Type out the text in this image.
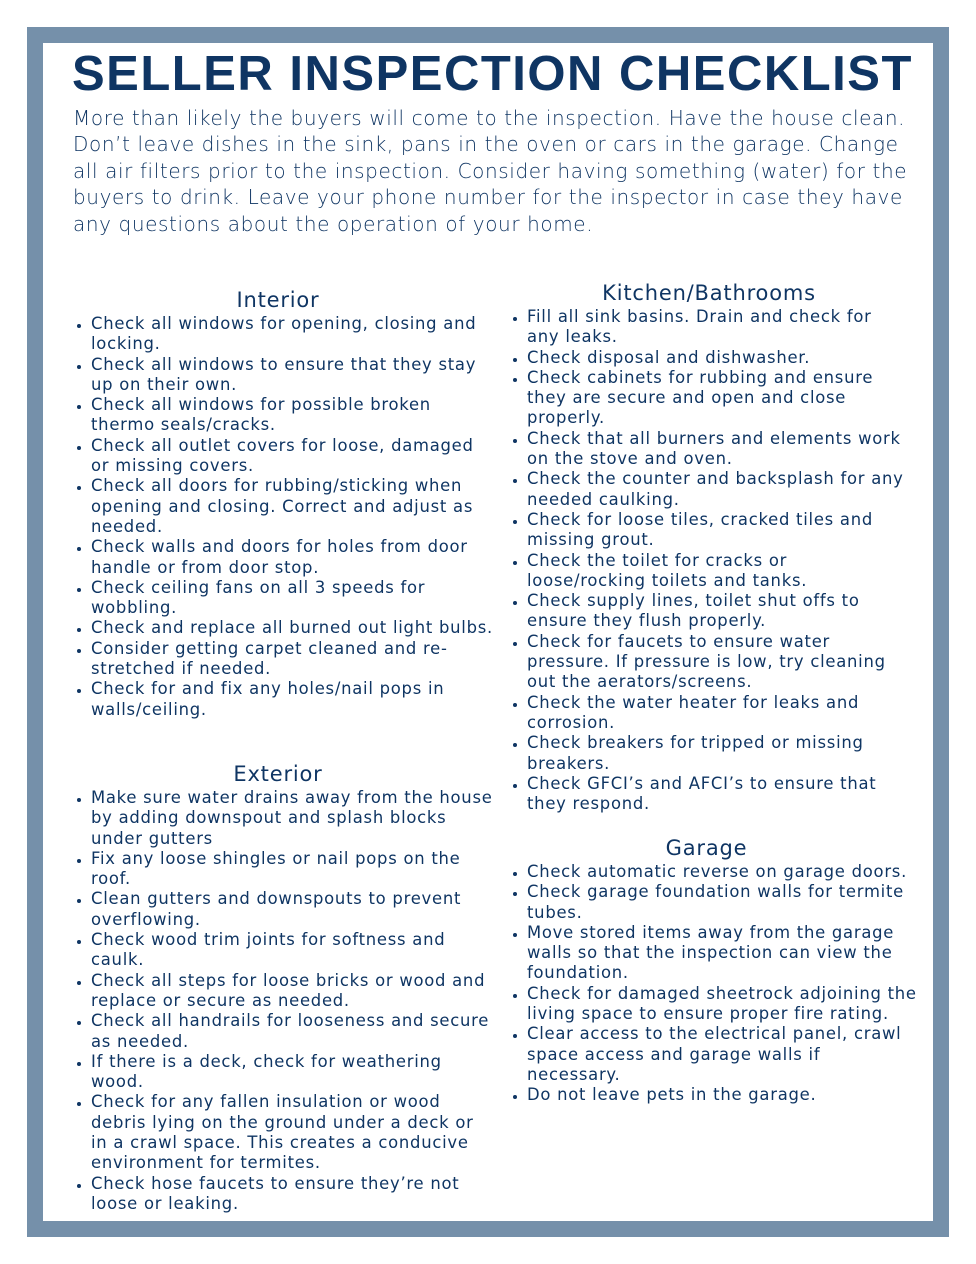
SELLER INSPECTION CHECKLIST
More than likely the buyers will come to the inspection. Have the house clean. Don’t leave dishes in the sink, pans in the oven or cars in the garage. Change all air filters prior to the inspection. Consider having something (water) for the buyers to drink. Leave your phone number for the inspector in case they have any questions about the operation of your home.
Interior
• Check all windows for opening, closing and locking.
• Check all windows to ensure that they stay up on their own.
• Check all windows for possible broken thermo seals/cracks.
• Check all outlet covers for loose, damaged or missing covers.
• Check all doors for rubbing/sticking when opening and closing. Correct and adjust as needed.
• Check walls and doors for holes from door handle or from door stop.
• Check ceiling fans on all 3 speeds for wobbling.
• Check and replace all burned out light bulbs.
• Consider getting carpet cleaned and re-stretched if needed.
• Check for and fix any holes/nail pops in walls/ceiling.
Exterior
• Make sure water drains away from the house by adding downspout and splash blocks under gutters
• Fix any loose shingles or nail pops on the roof.
• Clean gutters and downspouts to prevent overflowing.
• Check wood trim joints for softness and caulk.
• Check all steps for loose bricks or wood and replace or secure as needed.
• Check all handrails for looseness and secure as needed.
• If there is a deck, check for weathering wood.
• Check for any fallen insulation or wood debris lying on the ground under a deck or in a crawl space. This creates a conducive environment for termites.
• Check hose faucets to ensure they’re not loose or leaking.
Kitchen/Bathrooms
• Fill all sink basins. Drain and check for any leaks.
• Check disposal and dishwasher.
• Check cabinets for rubbing and ensure they are secure and open and close properly.
• Check that all burners and elements work on the stove and oven.
• Check the counter and backsplash for any needed caulking.
• Check for loose tiles, cracked tiles and missing grout.
• Check the toilet for cracks or loose/rocking toilets and tanks.
• Check supply lines, toilet shut offs to ensure they flush properly.
• Check for faucets to ensure water pressure. If pressure is low, try cleaning out the aerators/screens.
• Check the water heater for leaks and corrosion.
• Check breakers for tripped or missing breakers.
• Check GFCI’s and AFCI’s to ensure that they respond.
Garage
• Check automatic reverse on garage doors.
• Check garage foundation walls for termite tubes.
• Move stored items away from the garage walls so that the inspection can view the foundation.
• Check for damaged sheetrock adjoining the living space to ensure proper fire rating.
• Clear access to the electrical panel, crawl space access and garage walls if necessary.
• Do not leave pets in the garage.
